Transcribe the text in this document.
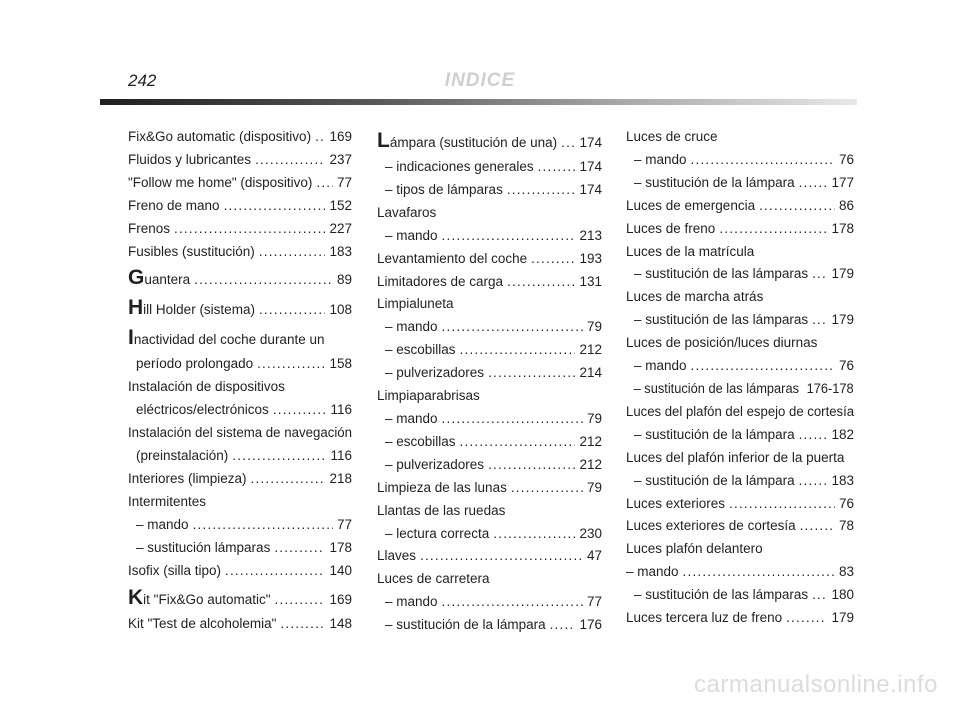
242	INDICE
Fix&Go automatic (dispositivo) ..... 169
Fluidos y lubricantes .....	237
"Follow me home" (dispositivo) ..... 77
Freno de mano .....	152
Frenos .....	227
Fusibles (sustitución) .....	183
Guantera .....	89
Hill Holder (sistema) .....	108
Inactividad del coche durante un
período prolongado .....	158
Instalación de dispositivos
eléctricos/electrónicos .....	116
Instalación del sistema de navegación
(preinstalación) .....	116
Interiores (limpieza) .....	218
Intermitentes
– mando .....	77
– sustitución lámparas .....	178
Isofix (silla tipo) .....	140
Kit "Fix&Go automatic" .....	169
Kit "Test de alcoholemia" .....	148
Lámpara (sustitución de una) ..... 174
– indicaciones generales .....	174
– tipos de lámparas .....	174
Lavafaros
– mando .....	213
Levantamiento del coche .....	193
Limitadores de carga .....	131
Limpialuneta
– mando .....	79
– escobillas .....	212
– pulverizadores .....	214
Limpiaparabrisas
– mando .....	79
– escobillas .....	212
– pulverizadores .....	212
Limpieza de las lunas .....	79
Llantas de las ruedas
– lectura correcta .....	230
Llaves .....	47
Luces de carretera
– mando .....	77
– sustitución de la lámpara .....	176
Luces de cruce
– mando .....	76
– sustitución de la lámpara .....	177
Luces de emergencia .....	86
Luces de freno .....	178
Luces de la matrícula
– sustitución de las lámparas ..... 179
Luces de marcha atrás
– sustitución de las lámparas ..... 179
Luces de posición/luces diurnas
– mando .....	76
– sustitución de las lámparas 176-178
Luces del plafón del espejo de cortesía
– sustitución de la lámpara .....	182
Luces del plafón inferior de la puerta
– sustitución de la lámpara .....	183
Luces exteriores .....	76
Luces exteriores de cortesía .....	78
Luces plafón delantero
– mando .....	83
– sustitución de las lámparas ..... 180
Luces tercera luz de freno .....	179
carmanualsonline.info
